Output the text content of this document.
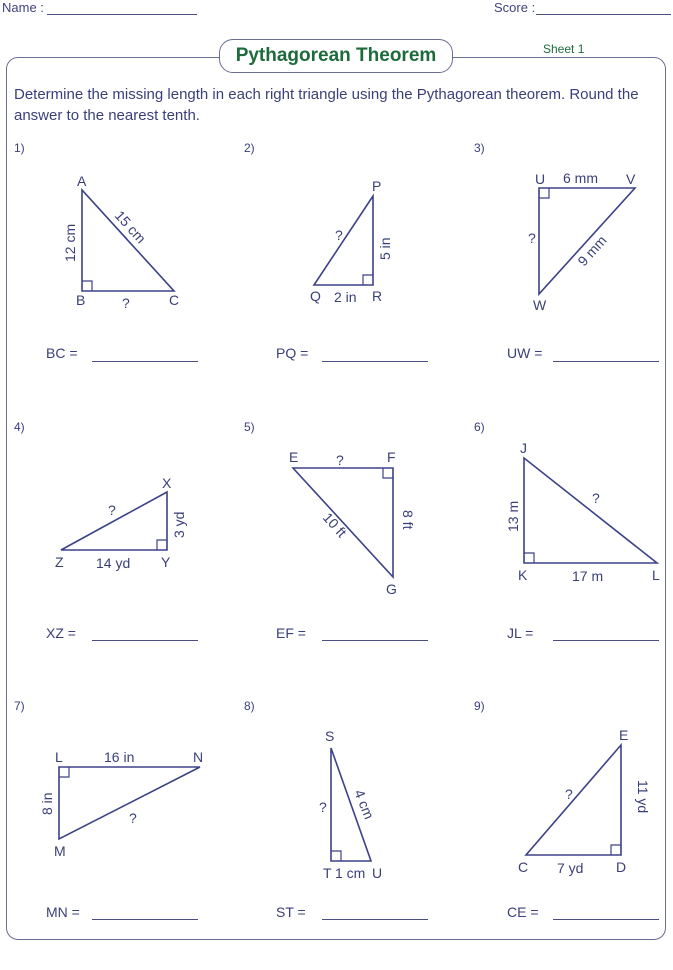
Name :	Score :
Pythagorean Theorem	Sheet 1
Determine the missing length in each right triangle using the Pythagorean theorem. Round the answer to the nearest tenth.
1)	2)	3)
4)	5)	6)
7)	8)	9)
A
B	C
12 cm 15 cm
?
P
Q	R
5 in
2 in
?
U	V
W
6 mm
9 mm
?
X
Y
Z
3 yd
14 yd
?
E	F
G
8 ft
10 ft
?
J
K	L
13 m
17 m
?
L
M
N
16 in
8 in
?
S
T	U
4 cm
1 cm
?
E
C	D
11 yd
7 yd
?
BC =	PQ =	UW =
XZ =	EF =	JL =
MN =	ST =	CE =
